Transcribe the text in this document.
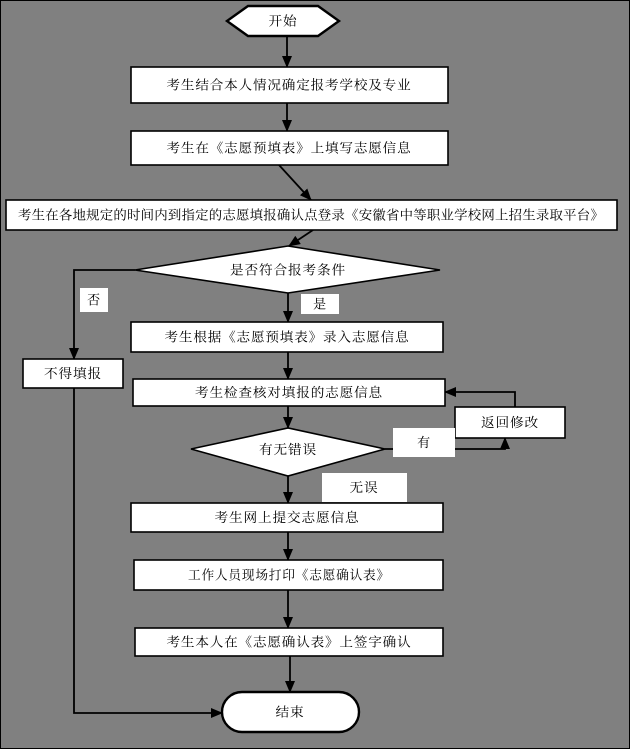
开始
考生结合本人情况确定报考学校及专业
考生在《志愿预填表》上填写志愿信息
考生在各地规定的时间内到指定的志愿填报确认点登录《安徽省中等职业学校网上招生录取平台》
是否符合报考条件
否
不得填报
是
考生根据《志愿预填表》录入志愿信息
考生检查核对填报的志愿信息
返回修改
有无错误	有
无误
考生网上提交志愿信息
工作人员现场打印《志愿确认表》
考生本人在《志愿确认表》上签字确认
结束
